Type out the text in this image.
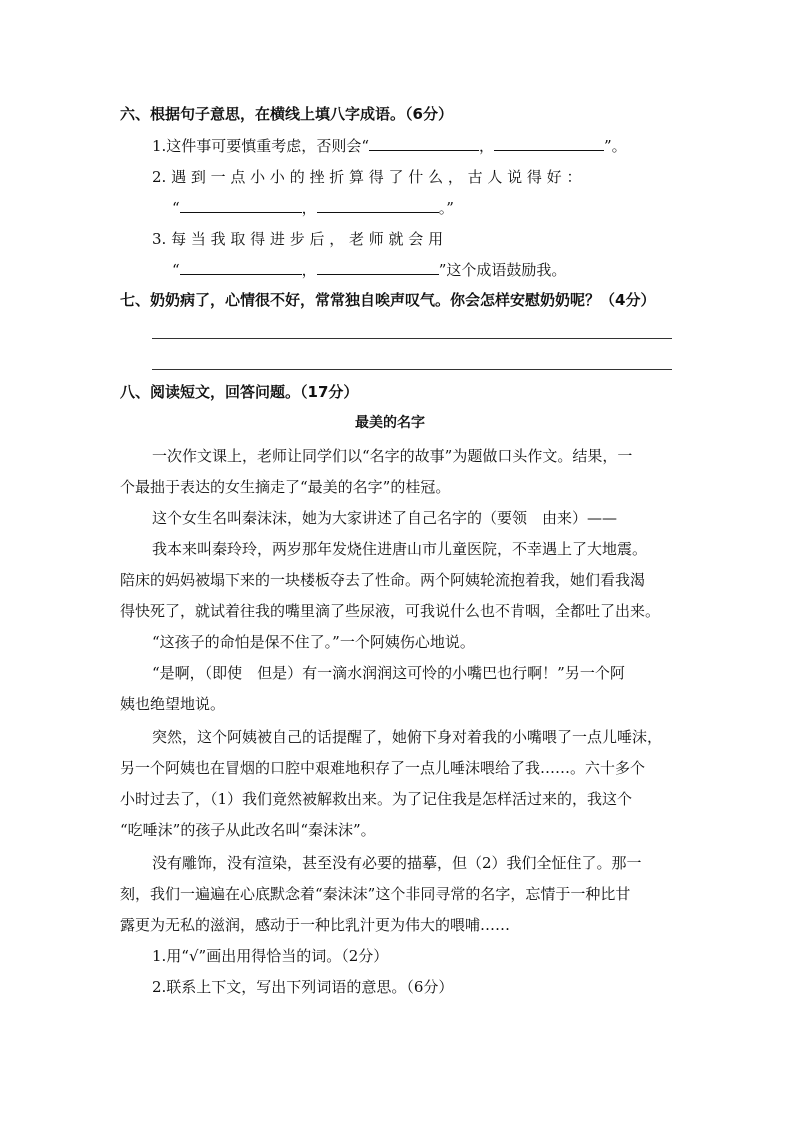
六、根据句子意思，在横线上填八字成语。（6分）
1.这件事可要慎重考虑，否则会“	，	”。
2. 遇 到 一 点 小 小 的 挫 折 算 得 了 什 么 ， 古 人 说 得 好 ：
“	，	。”
3. 每 当 我 取 得 进 步 后 ， 老 师 就 会 用
“	，	”这个成语鼓励我。
七、奶奶病了，心情很不好，常常独自唉声叹气。你会怎样安慰奶奶呢？（4分）
八、阅读短文，回答问题。（17分）
最美的名字
一次作文课上，老师让同学们以“名字的故事”为题做口头作文。结果，一
个最拙于表达的女生摘走了“最美的名字”的桂冠。
这个女生名叫秦沫沫，她为大家讲述了自己名字的（要领　由来）——
我本来叫秦玲玲，两岁那年发烧住进唐山市儿童医院，不幸遇上了大地震。
陪床的妈妈被塌下来的一块楼板夺去了性命。两个阿姨轮流抱着我，她们看我渴
得快死了，就试着往我的嘴里滴了些尿液，可我说什么也不肯咽，全都吐了出来。
“这孩子的命怕是保不住了。”一个阿姨伤心地说。
“是啊，（即使　但是）有一滴水润润这可怜的小嘴巴也行啊！”另一个阿
姨也绝望地说。
突然，这个阿姨被自己的话提醒了，她俯下身对着我的小嘴喂了一点儿唾沫，
另一个阿姨也在冒烟的口腔中艰难地积存了一点儿唾沫喂给了我……。六十多个
小时过去了，（1）我们竟然被解救出来。为了记住我是怎样活过来的，我这个
“吃唾沫”的孩子从此改名叫“秦沫沫”。
没有雕饰，没有渲染，甚至没有必要的描摹，但（2）我们全怔住了。那一
刻，我们一遍遍在心底默念着“秦沫沫”这个非同寻常的名字，忘情于一种比甘
露更为无私的滋润，感动于一种比乳汁更为伟大的喂哺……
1.用“√”画出用得恰当的词。（2分）
2.联系上下文，写出下列词语的意思。（6分）
